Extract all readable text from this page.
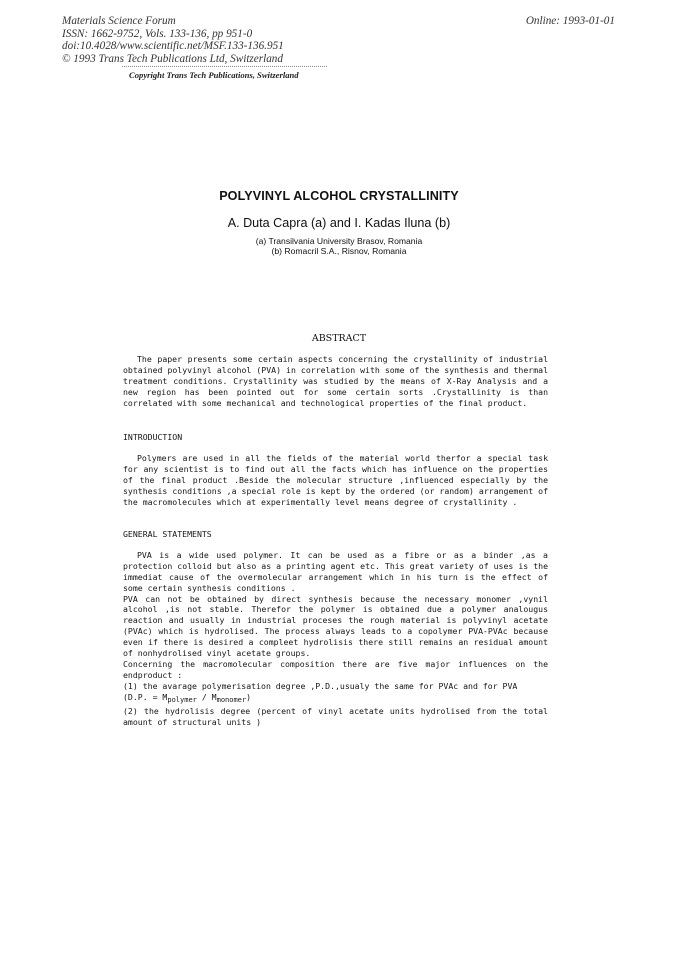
Materials Science Forum
ISSN: 1662-9752, Vols. 133-136, pp 951-0
doi:10.4028/www.scientific.net/MSF.133-136.951
© 1993 Trans Tech Publications Ltd, Switzerland
Online: 1993-01-01
Copyright Trans Tech Publications, Switzerland
POLYVINYL ALCOHOL CRYSTALLINITY
A. Duta Capra (a) and I. Kadas Iluna (b)
(a) Transilvania University Brasov, Romania
(b) Romacril S.A., Risnov, Romania
ABSTRACT
The paper presents some certain aspects concerning the crystallinity of industrial obtained polyvinyl alcohol (PVA) in correlation with some of the synthesis and thermal treatment conditions. Crystallinity was studied by the means of X-Ray Analysis and a new region has been pointed out for some certain sorts .Crystallinity is than correlated with some mechanical and technological properties of the final product.
INTRODUCTION
Polymers are used in all the fields of the material world therfor a special task for any scientist is to find out all the facts which has influence on the properties of the final product .Beside the molecular structure ,influenced especially by the synthesis conditions ,a special role is kept by the ordered (or random) arrangement of the macromolecules which at experimentally level means degree of crystallinity .
GENERAL STATEMENTS
PVA is a wide used polymer. It can be used as a fibre or as a binder ,as a protection colloid but also as a printing agent etc. This great variety of uses is the immediat cause of the overmolecular arrangement which in his turn is the effect of some certain synthesis conditions .
PVA can not be obtained by direct synthesis because the necessary monomer ,vynil alcohol ,is not stable. Therefor the polymer is obtained due a polymer analougus reaction and usually in industrial proceses the rough material is polyvinyl acetate (PVAc) which is hydrolised. The process always leads to a copolymer PVA-PVAc because even if there is desired a compleet hydrolisis there still remains an residual amount of nonhydrolised vinyl acetate groups.
Concerning the macromolecular composition there are five major influences on the endproduct :
(1) the avarage polymerisation degree ,P.D.,usualy the same for PVAc and for PVA
(D.P. = Mpolymer / Mmonomer)
(2) the hydrolisis degree (percent of vinyl acetate units hydrolised from the total amount of structural units )
